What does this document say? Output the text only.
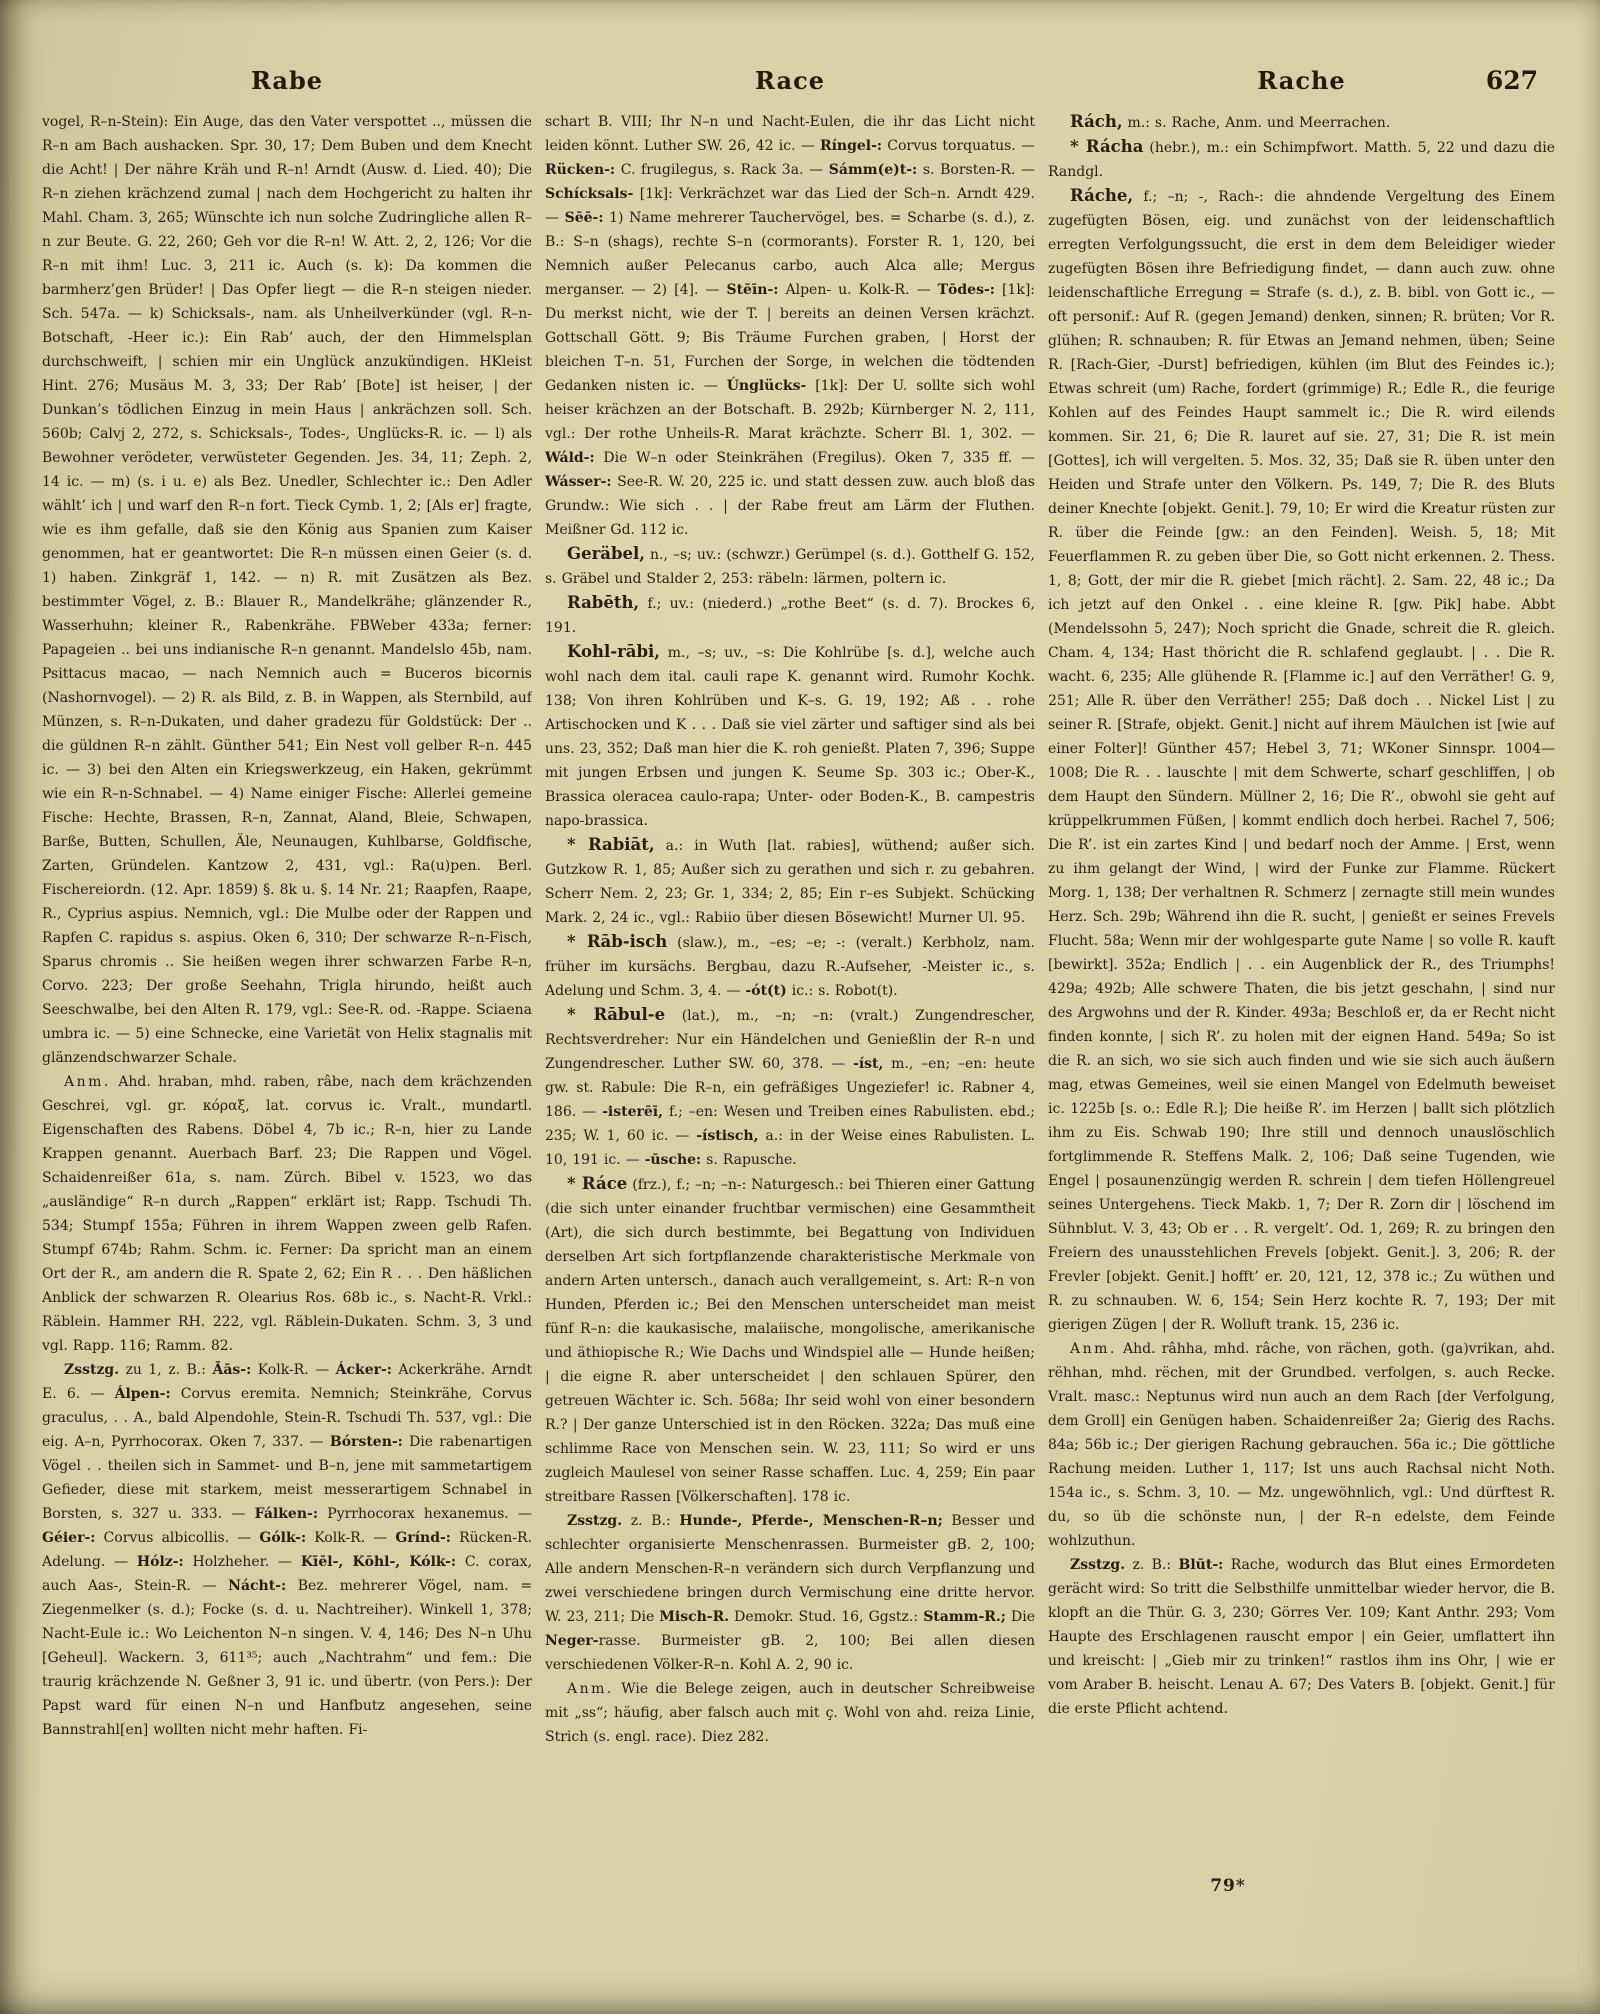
Rabe	Race	Rache	627

vogel, R–n-Stein): Ein Auge, das den Vater verspottet .., müssen die R–n am Bach aushacken. Spr. 30, 17; Dem Buben und dem Knecht die Acht! | Der nähre Kräh und R–n! Arndt (Ausw. d. Lied. 40); Die R–n ziehen krächzend zumal | nach dem Hochgericht zu halten ihr Mahl. Cham. 3, 265; Wünschte ich nun solche Zudringliche allen R–n zur Beute. G. 22, 260; Geh vor die R–n! W. Att. 2, 2, 126; Vor die R–n mit ihm! Luc. 3, 211 ic. Auch (s. k): Da kommen die barmherz’gen Brüder! | Das Opfer liegt — die R–n steigen nieder. Sch. 547a. — k) Schicksals-, nam. als Unheilverkünder (vgl. R–n-Botschaft, -Heer ic.): Ein Rab’ auch, der den Himmelsplan durchschweift, | schien mir ein Unglück anzukündigen. HKleist Hint. 276; Musäus M. 3, 33; Der Rab’ [Bote] ist heiser, | der Dunkan’s tödlichen Einzug in mein Haus | ankrächzen soll. Sch. 560b; Calvj 2, 272, s. Schicksals-, Todes-, Unglücks-R. ic. — l) als Bewohner verödeter, verwüsteter Gegenden. Jes. 34, 11; Zeph. 2, 14 ic. — m) (s. i u. e) als Bez. Unedler, Schlechter ic.: Den Adler wählt’ ich | und warf den R–n fort. Tieck Cymb. 1, 2; [Als er] fragte, wie es ihm gefalle, daß sie den König aus Spanien zum Kaiser genommen, hat er geantwortet: Die R–n müssen einen Geier (s. d. 1) haben. Zinkgräf 1, 142. — n) R. mit Zusätzen als Bez. bestimmter Vögel, z. B.: Blauer R., Mandelkrähe; glänzender R., Wasserhuhn; kleiner R., Rabenkrähe. FBWeber 433a; ferner: Papageien .. bei uns indianische R–n genannt. Mandelslo 45b, nam. Psittacus macao, — nach Nemnich auch = Buceros bicornis (Nashornvogel). — 2) R. als Bild, z. B. in Wappen, als Sternbild, auf Münzen, s. R–n-Dukaten, und daher gradezu für Goldstück: Der .. die güldnen R–n zählt. Günther 541; Ein Nest voll gelber R–n. 445 ic. — 3) bei den Alten ein Kriegswerkzeug, ein Haken, gekrümmt wie ein R–n-Schnabel. — 4) Name einiger Fische: Allerlei gemeine Fische: Hechte, Brassen, R–n, Zannat, Aland, Bleie, Schwapen, Barße, Butten, Schullen, Äle, Neunaugen, Kuhlbarse, Goldfische, Zarten, Gründelen. Kantzow 2, 431, vgl.: Ra(u)pen. Berl. Fischereiordn. (12. Apr. 1859) §. 8k u. §. 14 Nr. 21; Raapfen, Raape, R., Cyprius aspius. Nemnich, vgl.: Die Mulbe oder der Rappen und Rapfen C. rapidus s. aspius. Oken 6, 310; Der schwarze R–n-Fisch, Sparus chromis .. Sie heißen wegen ihrer schwarzen Farbe R–n, Corvo. 223; Der große Seehahn, Trigla hirundo, heißt auch Seeschwalbe, bei den Alten R. 179, vgl.: See-R. od. -Rappe. Sciaena umbra ic. — 5) eine Schnecke, eine Varietät von Helix stagnalis mit glänzendschwarzer Schale.

Anm. Ahd. hraban, mhd. raben, râbe, nach dem krächzenden Geschrei, vgl. gr. κόραξ, lat. corvus ic. Vralt., mundartl. Eigenschaften des Rabens. Döbel 4, 7b ic.; R–n, hier zu Lande Krappen genannt. Auerbach Barf. 23; Die Rappen und Vögel. Schaidenreißer 61a, s. nam. Zürch. Bibel v. 1523, wo das „ausländige“ R–n durch „Rappen“ erklärt ist; Rapp. Tschudi Th. 534; Stumpf 155a; Führen in ihrem Wappen zween gelb Rafen. Stumpf 674b; Rahm. Schm. ic. Ferner: Da spricht man an einem Ort der R., am andern die R. Spate 2, 62; Ein R . . . Den häßlichen Anblick der schwarzen R. Olearius Ros. 68b ic., s. Nacht-R. Vrkl.: Räblein. Hammer RH. 222, vgl. Räblein-Dukaten. Schm. 3, 3 und vgl. Rapp. 116; Ramm. 82.

Zsstzg. zu 1, z. B.: Āās-: Kolk-R. — Ácker-: Ackerkrähe. Arndt E. 6. — Álpen-: Corvus eremita. Nemnich; Steinkrähe, Corvus graculus, . . A., bald Alpendohle, Stein-R. Tschudi Th. 537, vgl.: Die eig. A–n, Pyrrhocorax. Oken 7, 337. — Bórsten-: Die rabenartigen Vögel . . theilen sich in Sammet- und B–n, jene mit sammetartigem Gefieder, diese mit starkem, meist messerartigem Schnabel in Borsten, s. 327 u. 333. — Fálken-: Pyrrhocorax hexanemus. — Géier-: Corvus albicollis. — Gólk-: Kolk-R. — Grínd-: Rücken-R. Adelung. — Hólz-: Holzheher. — Kīēl-, Kōhl-, Kólk-: C. corax, auch Aas-, Stein-R. — Nácht-: Bez. mehrerer Vögel, nam. = Ziegenmelker (s. d.); Focke (s. d. u. Nachtreiher). Winkell 1, 378; Nacht-Eule ic.: Wo Leichenton N–n singen. V. 4, 146; Des N–n Uhu [Geheul]. Wackern. 3, 611³⁵; auch „Nachtrahm“ und fem.: Die traurig krächzende N. Geßner 3, 91 ic. und übertr. (von Pers.): Der Papst ward für einen N–n und Hanfbutz angesehen, seine Bannstrahl[en] wollten nicht mehr haften. Fi-

schart B. VIII; Ihr N–n und Nacht-Eulen, die ihr das Licht nicht leiden könnt. Luther SW. 26, 42 ic. — Ríngel-: Corvus torquatus. — Rücken-: C. frugilegus, s. Rack 3a. — Sámm(e)t-: s. Borsten-R. — Schícksals- [1k]: Verkrächzet war das Lied der Sch–n. Arndt 429. — Sēē-: 1) Name mehrerer Tauchervögel, bes. = Scharbe (s. d.), z. B.: S–n (shags), rechte S–n (cormorants). Forster R. 1, 120, bei Nemnich außer Pelecanus carbo, auch Alca alle; Mergus merganser. — 2) [4]. — Stēīn-: Alpen- u. Kolk-R. — Tōdes-: [1k]: Du merkst nicht, wie der T. | bereits an deinen Versen krächzt. Gottschall Gött. 9; Bis Träume Furchen graben, | Horst der bleichen T–n. 51, Furchen der Sorge, in welchen die tödtenden Gedanken nisten ic. — Únglücks- [1k]: Der U. sollte sich wohl heiser krächzen an der Botschaft. B. 292b; Kürnberger N. 2, 111, vgl.: Der rothe Unheils-R. Marat krächzte. Scherr Bl. 1, 302. — Wáld-: Die W–n oder Steinkrähen (Fregilus). Oken 7, 335 ff. — Wásser-: See-R. W. 20, 225 ic. und statt dessen zuw. auch bloß das Grundw.: Wie sich . . | der Rabe freut am Lärm der Fluthen. Meißner Gd. 112 ic.

Geräbel, n., –s; uv.: (schwzr.) Gerümpel (s. d.). Gotthelf G. 152, s. Gräbel und Stalder 2, 253: räbeln: lärmen, poltern ic.

Rabēth, f.; uv.: (niederd.) „rothe Beet“ (s. d. 7). Brockes 6, 191.

Kohl-rābi, m., –s; uv., –s: Die Kohlrübe [s. d.], welche auch wohl nach dem ital. cauli rape K. genannt wird. Rumohr Kochk. 138; Von ihren Kohlrüben und K–s. G. 19, 192; Aß . . rohe Artischocken und K . . . Daß sie viel zärter und saftiger sind als bei uns. 23, 352; Daß man hier die K. roh genießt. Platen 7, 396; Suppe mit jungen Erbsen und jungen K. Seume Sp. 303 ic.; Ober-K., Brassica oleracea caulo-rapa; Unter- oder Boden-K., B. campestris napo-brassica.

* Rabiāt, a.: in Wuth [lat. rabies], wüthend; außer sich. Gutzkow R. 1, 85; Außer sich zu gerathen und sich r. zu gebahren. Scherr Nem. 2, 23; Gr. 1, 334; 2, 85; Ein r–es Subjekt. Schücking Mark. 2, 24 ic., vgl.: Rabiio über diesen Bösewicht! Murner Ul. 95.

* Rāb-isch (slaw.), m., –es; –e; -: (veralt.) Kerbholz, nam. früher im kursächs. Bergbau, dazu R.-Aufseher, -Meister ic., s. Adelung und Schm. 3, 4. — -ót(t) ic.: s. Robot(t).

* Rābul-e (lat.), m., –n; –n: (vralt.) Zungendrescher, Rechtsverdreher: Nur ein Händelchen und Genießlin der R–n und Zungendrescher. Luther SW. 60, 378. — -íst, m., –en; –en: heute gw. st. Rabule: Die R–n, ein gefräßiges Ungeziefer! ic. Rabner 4, 186. — -isterēī, f.; –en: Wesen und Treiben eines Rabulisten. ebd.; 235; W. 1, 60 ic. — -ístisch, a.: in der Weise eines Rabulisten. L. 10, 191 ic. — -ūsche: s. Rapusche.

* Ráce (frz.), f.; –n; –n-: Naturgesch.: bei Thieren einer Gattung (die sich unter einander fruchtbar vermischen) eine Gesammtheit (Art), die sich durch bestimmte, bei Begattung von Individuen derselben Art sich fortpflanzende charakteristische Merkmale von andern Arten untersch., danach auch verallgemeint, s. Art: R–n von Hunden, Pferden ic.; Bei den Menschen unterscheidet man meist fünf R–n: die kaukasische, malaiische, mongolische, amerikanische und äthiopische R.; Wie Dachs und Windspiel alle — Hunde heißen; | die eigne R. aber unterscheidet | den schlauen Spürer, den getreuen Wächter ic. Sch. 568a; Ihr seid wohl von einer besondern R.? | Der ganze Unterschied ist in den Röcken. 322a; Das muß eine schlimme Race von Menschen sein. W. 23, 111; So wird er uns zugleich Maulesel von seiner Rasse schaffen. Luc. 4, 259; Ein paar streitbare Rassen [Völkerschaften]. 178 ic.

Zsstzg. z. B.: Hunde-, Pferde-, Menschen-R–n; Besser und schlechter organisierte Menschenrassen. Burmeister gB. 2, 100; Alle andern Menschen-R–n verändern sich durch Verpflanzung und zwei verschiedene bringen durch Vermischung eine dritte hervor. W. 23, 211; Die Misch-R. Demokr. Stud. 16, Ggstz.: Stamm-R.; Die Neger-rasse. Burmeister gB. 2, 100; Bei allen diesen verschiedenen Völker-R–n. Kohl A. 2, 90 ic.

Anm. Wie die Belege zeigen, auch in deutscher Schreibweise mit „ss“; häufig, aber falsch auch mit ç. Wohl von ahd. reiza Linie, Strich (s. engl. race). Diez 282.

Rách, m.: s. Rache, Anm. und Meerrachen.

* Rácha (hebr.), m.: ein Schimpfwort. Matth. 5, 22 und dazu die Randgl.

Ráche, f.; –n; -, Rach-: die ahndende Vergeltung des Einem zugefügten Bösen, eig. und zunächst von der leidenschaftlich erregten Verfolgungssucht, die erst in dem dem Beleidiger wieder zugefügten Bösen ihre Befriedigung findet, — dann auch zuw. ohne leidenschaftliche Erregung = Strafe (s. d.), z. B. bibl. von Gott ic., — oft personif.: Auf R. (gegen Jemand) denken, sinnen; R. brüten; Vor R. glühen; R. schnauben; R. für Etwas an Jemand nehmen, üben; Seine R. [Rach-Gier, -Durst] befriedigen, kühlen (im Blut des Feindes ic.); Etwas schreit (um) Rache, fordert (grimmige) R.; Edle R., die feurige Kohlen auf des Feindes Haupt sammelt ic.; Die R. wird eilends kommen. Sir. 21, 6; Die R. lauret auf sie. 27, 31; Die R. ist mein [Gottes], ich will vergelten. 5. Mos. 32, 35; Daß sie R. üben unter den Heiden und Strafe unter den Völkern. Ps. 149, 7; Die R. des Bluts deiner Knechte [objekt. Genit.]. 79, 10; Er wird die Kreatur rüsten zur R. über die Feinde [gw.: an den Feinden]. Weish. 5, 18; Mit Feuerflammen R. zu geben über Die, so Gott nicht erkennen. 2. Thess. 1, 8; Gott, der mir die R. giebet [mich rächt]. 2. Sam. 22, 48 ic.; Da ich jetzt auf den Onkel . . eine kleine R. [gw. Pik] habe. Abbt (Mendelssohn 5, 247); Noch spricht die Gnade, schreit die R. gleich. Cham. 4, 134; Hast thöricht die R. schlafend geglaubt. | . . Die R. wacht. 6, 235; Alle glühende R. [Flamme ic.] auf den Verräther! G. 9, 251; Alle R. über den Verräther! 255; Daß doch . . Nickel List | zu seiner R. [Strafe, objekt. Genit.] nicht auf ihrem Mäulchen ist [wie auf einer Folter]! Günther 457; Hebel 3, 71; WKoner Sinnspr. 1004—1008; Die R. . . lauschte | mit dem Schwerte, scharf geschliffen, | ob dem Haupt den Sündern. Müllner 2, 16; Die R’., obwohl sie geht auf krüppelkrummen Füßen, | kommt endlich doch herbei. Rachel 7, 506; Die R’. ist ein zartes Kind | und bedarf noch der Amme. | Erst, wenn zu ihm gelangt der Wind, | wird der Funke zur Flamme. Rückert Morg. 1, 138; Der verhaltnen R. Schmerz | zernagte still mein wundes Herz. Sch. 29b; Während ihn die R. sucht, | genießt er seines Frevels Flucht. 58a; Wenn mir der wohlgesparte gute Name | so volle R. kauft [bewirkt]. 352a; Endlich | . . ein Augenblick der R., des Triumphs! 429a; 492b; Alle schwere Thaten, die bis jetzt geschahn, | sind nur des Argwohns und der R. Kinder. 493a; Beschloß er, da er Recht nicht finden konnte, | sich R’. zu holen mit der eignen Hand. 549a; So ist die R. an sich, wo sie sich auch finden und wie sie sich auch äußern mag, etwas Gemeines, weil sie einen Mangel von Edelmuth beweiset ic. 1225b [s. o.: Edle R.]; Die heiße R’. im Herzen | ballt sich plötzlich ihm zu Eis. Schwab 190; Ihre still und dennoch unauslöschlich fortglimmende R. Steffens Malk. 2, 106; Daß seine Tugenden, wie Engel | posaunenzüngig werden R. schrein | dem tiefen Höllengreuel seines Untergehens. Tieck Makb. 1, 7; Der R. Zorn dir | löschend im Sühnblut. V. 3, 43; Ob er . . R. vergelt’. Od. 1, 269; R. zu bringen den Freiern des unausstehlichen Frevels [objekt. Genit.]. 3, 206; R. der Frevler [objekt. Genit.] hofft’ er. 20, 121, 12, 378 ic.; Zu wüthen und R. zu schnauben. W. 6, 154; Sein Herz kochte R. 7, 193; Der mit gierigen Zügen | der R. Wolluft trank. 15, 236 ic.

Anm. Ahd. râhha, mhd. râche, von rächen, goth. (ga)vrikan, ahd. rëhhan, mhd. rëchen, mit der Grundbed. verfolgen, s. auch Recke. Vralt. masc.: Neptunus wird nun auch an dem Rach [der Verfolgung, dem Groll] ein Genügen haben. Schaidenreißer 2a; Gierig des Rachs. 84a; 56b ic.; Der gierigen Rachung gebrauchen. 56a ic.; Die göttliche Rachung meiden. Luther 1, 117; Ist uns auch Rachsal nicht Noth. 154a ic., s. Schm. 3, 10. — Mz. ungewöhnlich, vgl.: Und dürftest R. du, so üb die schönste nun, | der R–n edelste, dem Feinde wohlzuthun.

Zsstzg. z. B.: Blūt-: Rache, wodurch das Blut eines Ermordeten gerächt wird: So tritt die Selbsthilfe unmittelbar wieder hervor, die B. klopft an die Thür. G. 3, 230; Görres Ver. 109; Kant Anthr. 293; Vom Haupte des Erschlagenen rauscht empor | ein Geier, umflattert ihn und kreischt: | „Gieb mir zu trinken!“ rastlos ihm ins Ohr, | wie er vom Araber B. heischt. Lenau A. 67; Des Vaters B. [objekt. Genit.] für die erste Pflicht achtend.

79*
